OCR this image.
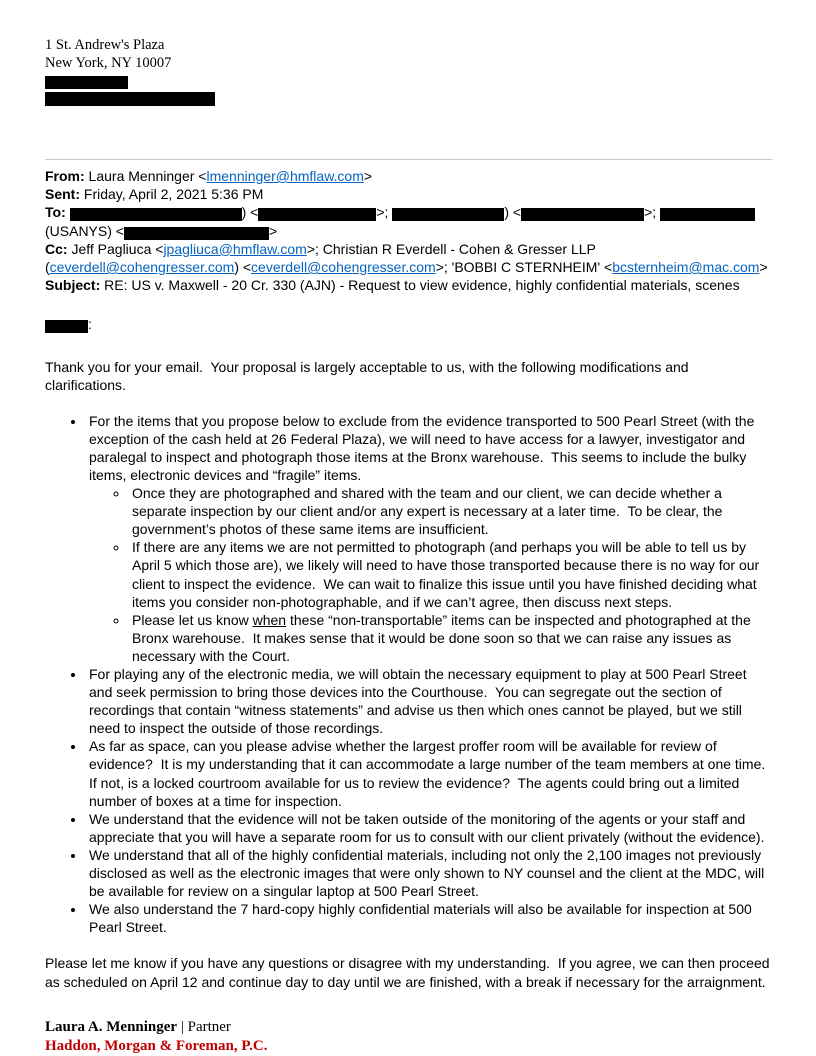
1 St. Andrew's Plaza
New York, NY 10007
From: Laura Menninger <lmenninger@hmflaw.com>
Sent: Friday, April 2, 2021 5:36 PM
To:	) <	>;	) <	>;	(USANYS) <	>
Cc: Jeff Pagliuca <jpagliuca@hmflaw.com>; Christian R Everdell - Cohen & Gresser LLP (ceverdell@cohengresser.com) <ceverdell@cohengresser.com>; 'BOBBI C STERNHEIM' <bcsternheim@mac.com>
Subject: RE: US v. Maxwell - 20 Cr. 330 (AJN) - Request to view evidence, highly confidential materials, scenes
:
Thank you for your email.  Your proposal is largely acceptable to us, with the following modifications and clarifications.
• For the items that you propose below to exclude from the evidence transported to 500 Pearl Street (with the exception of the cash held at 26 Federal Plaza), we will need to have access for a lawyer, investigator and paralegal to inspect and photograph those items at the Bronx warehouse.  This seems to include the bulky items, electronic devices and “fragile” items.
◦ Once they are photographed and shared with the team and our client, we can decide whether a separate inspection by our client and/or any expert is necessary at a later time.  To be clear, the government’s photos of these same items are insufficient.
◦ If there are any items we are not permitted to photograph (and perhaps you will be able to tell us by April 5 which those are), we likely will need to have those transported because there is no way for our client to inspect the evidence.  We can wait to finalize this issue until you have finished deciding what items you consider non-photographable, and if we can’t agree, then discuss next steps.
◦ Please let us know when these “non-transportable” items can be inspected and photographed at the Bronx warehouse.  It makes sense that it would be done soon so that we can raise any issues as necessary with the Court.
• For playing any of the electronic media, we will obtain the necessary equipment to play at 500 Pearl Street and seek permission to bring those devices into the Courthouse.  You can segregate out the section of recordings that contain “witness statements” and advise us then which ones cannot be played, but we still need to inspect the outside of those recordings.
• As far as space, can you please advise whether the largest proffer room will be available for review of evidence?  It is my understanding that it can accommodate a large number of the team members at one time.  If not, is a locked courtroom available for us to review the evidence?  The agents could bring out a limited number of boxes at a time for inspection.
• We understand that the evidence will not be taken outside of the monitoring of the agents or your staff and appreciate that you will have a separate room for us to consult with our client privately (without the evidence).
• We understand that all of the highly confidential materials, including not only the 2,100 images not previously disclosed as well as the electronic images that were only shown to NY counsel and the client at the MDC, will be available for review on a singular laptop at 500 Pearl Street.
• We also understand the 7 hard-copy highly confidential materials will also be available for inspection at 500 Pearl Street.
Please let me know if you have any questions or disagree with my understanding.  If you agree, we can then proceed as scheduled on April 12 and continue day to day until we are finished, with a break if necessary for the arraignment.
Laura A. Menninger | Partner
Haddon, Morgan & Foreman, P.C.
